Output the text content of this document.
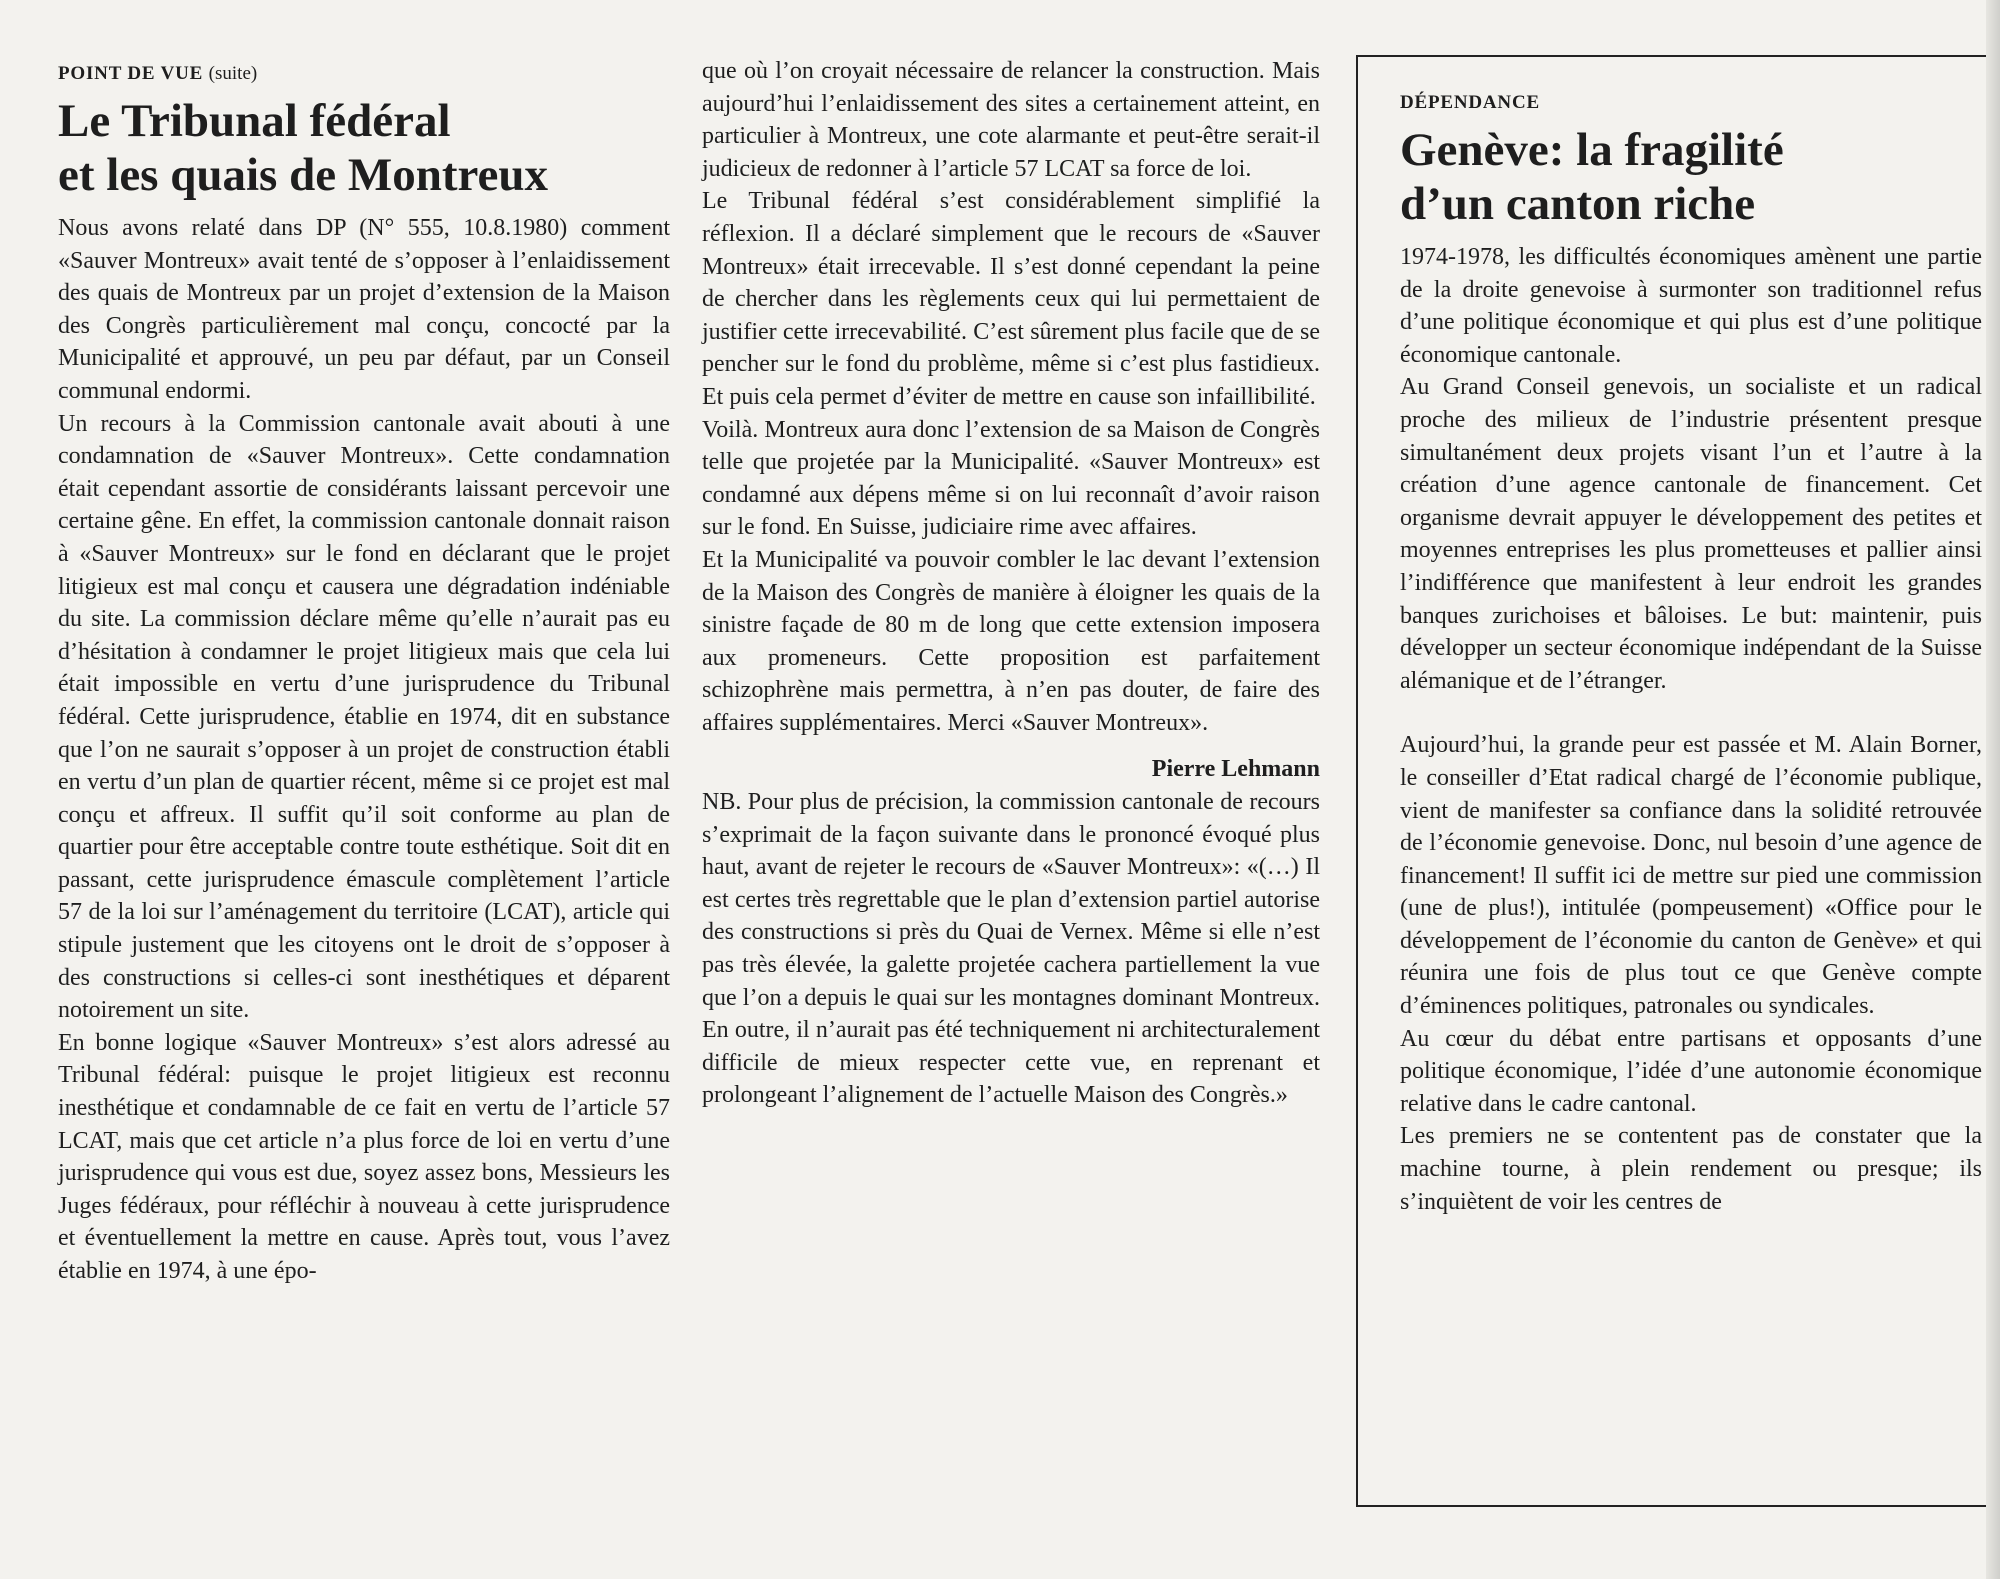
POINT DE VUE (suite)
Le Tribunal fédéral
et les quais de Montreux

Nous avons relaté dans DP (N° 555, 10.8.1980) comment «Sauver Montreux» avait tenté de s’opposer à l’enlaidissement des quais de Montreux par un projet d’extension de la Maison des Congrès particulièrement mal conçu, concocté par la Municipalité et approuvé, un peu par défaut, par un Conseil communal endormi.

Un recours à la Commission cantonale avait abouti à une condamnation de «Sauver Montreux». Cette condamnation était cependant assortie de considérants laissant percevoir une certaine gêne. En effet, la commission cantonale donnait raison à «Sauver Montreux» sur le fond en déclarant que le projet litigieux est mal conçu et causera une dégradation indéniable du site. La commission déclare même qu’elle n’aurait pas eu d’hésitation à condamner le projet litigieux mais que cela lui était impossible en vertu d’une jurisprudence du Tribunal fédéral. Cette jurisprudence, établie en 1974, dit en substance que l’on ne saurait s’opposer à un projet de construction établi en vertu d’un plan de quartier récent, même si ce projet est mal conçu et affreux. Il suffit qu’il soit conforme au plan de quartier pour être acceptable contre toute esthétique. Soit dit en passant, cette jurisprudence émascule complètement l’article 57 de la loi sur l’aménagement du territoire (LCAT), article qui stipule justement que les citoyens ont le droit de s’opposer à des constructions si celles-ci sont inesthétiques et déparent notoirement un site.

En bonne logique «Sauver Montreux» s’est alors adressé au Tribunal fédéral: puisque le projet litigieux est reconnu inesthétique et condamnable de ce fait en vertu de l’article 57 LCAT, mais que cet article n’a plus force de loi en vertu d’une jurisprudence qui vous est due, soyez assez bons, Messieurs les Juges fédéraux, pour réfléchir à nouveau à cette jurisprudence et éventuellement la mettre en cause. Après tout, vous l’avez établie en 1974, à une épo-

que où l’on croyait nécessaire de relancer la construction. Mais aujourd’hui l’enlaidissement des sites a certainement atteint, en particulier à Montreux, une cote alarmante et peut-être serait-il judicieux de redonner à l’article 57 LCAT sa force de loi.

Le Tribunal fédéral s’est considérablement simplifié la réflexion. Il a déclaré simplement que le recours de «Sauver Montreux» était irrecevable. Il s’est donné cependant la peine de chercher dans les règlements ceux qui lui permettaient de justifier cette irrecevabilité. C’est sûrement plus facile que de se pencher sur le fond du problème, même si c’est plus fastidieux. Et puis cela permet d’éviter de mettre en cause son infaillibilité.

Voilà. Montreux aura donc l’extension de sa Maison de Congrès telle que projetée par la Municipalité. «Sauver Montreux» est condamné aux dépens même si on lui reconnaît d’avoir raison sur le fond. En Suisse, judiciaire rime avec affaires.

Et la Municipalité va pouvoir combler le lac devant l’extension de la Maison des Congrès de manière à éloigner les quais de la sinistre façade de 80 m de long que cette extension imposera aux promeneurs. Cette proposition est parfaitement schizophrène mais permettra, à n’en pas douter, de faire des affaires supplémentaires. Merci «Sauver Montreux».

Pierre Lehmann

NB. Pour plus de précision, la commission cantonale de recours s’exprimait de la façon suivante dans le prononcé évoqué plus haut, avant de rejeter le recours de «Sauver Montreux»: «(…) Il est certes très regrettable que le plan d’extension partiel autorise des constructions si près du Quai de Vernex. Même si elle n’est pas très élevée, la galette projetée cachera partiellement la vue que l’on a depuis le quai sur les montagnes dominant Montreux. En outre, il n’aurait pas été techniquement ni architecturalement difficile de mieux respecter cette vue, en reprenant et prolongeant l’alignement de l’actuelle Maison des Congrès.»

DÉPENDANCE
Genève: la fragilité
d’un canton riche

1974-1978, les difficultés économiques amènent une partie de la droite genevoise à surmonter son traditionnel refus d’une politique économique et qui plus est d’une politique économique cantonale.

Au Grand Conseil genevois, un socialiste et un radical proche des milieux de l’industrie présentent presque simultanément deux projets visant l’un et l’autre à la création d’une agence cantonale de financement. Cet organisme devrait appuyer le développement des petites et moyennes entreprises les plus prometteuses et pallier ainsi l’indifférence que manifestent à leur endroit les grandes banques zurichoises et bâloises. Le but: maintenir, puis développer un secteur économique indépendant de la Suisse alémanique et de l’étranger.

Aujourd’hui, la grande peur est passée et M. Alain Borner, le conseiller d’Etat radical chargé de l’économie publique, vient de manifester sa confiance dans la solidité retrouvée de l’économie genevoise. Donc, nul besoin d’une agence de financement! Il suffit ici de mettre sur pied une commission (une de plus!), intitulée (pompeusement) «Office pour le développement de l’économie du canton de Genève» et qui réunira une fois de plus tout ce que Genève compte d’éminences politiques, patronales ou syndicales.

Au cœur du débat entre partisans et opposants d’une politique économique, l’idée d’une autonomie économique relative dans le cadre cantonal.

Les premiers ne se contentent pas de constater que la machine tourne, à plein rendement ou presque; ils s’inquiètent de voir les centres de
